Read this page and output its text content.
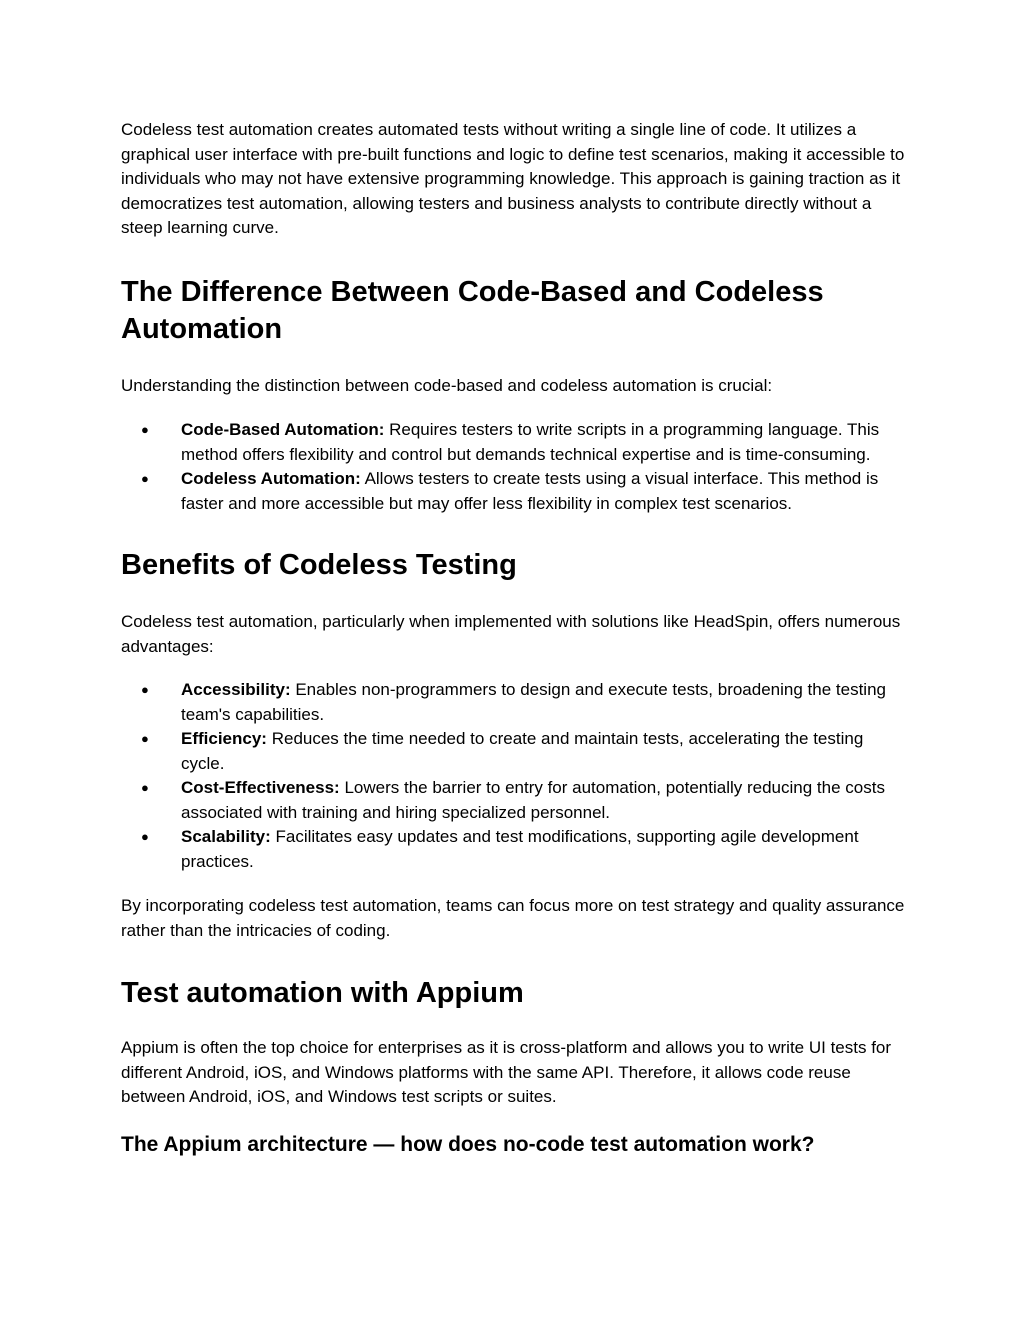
Codeless test automation creates automated tests without writing a single line of code. It utilizes a graphical user interface with pre-built functions and logic to define test scenarios, making it accessible to individuals who may not have extensive programming knowledge. This approach is gaining traction as it democratizes test automation, allowing testers and business analysts to contribute directly without a steep learning curve.

The Difference Between Code-Based and Codeless Automation

Understanding the distinction between code-based and codeless automation is crucial:

● Code-Based Automation: Requires testers to write scripts in a programming language. This method offers flexibility and control but demands technical expertise and is time-consuming.
● Codeless Automation: Allows testers to create tests using a visual interface. This method is faster and more accessible but may offer less flexibility in complex test scenarios.
Benefits of Codeless Testing

Codeless test automation, particularly when implemented with solutions like HeadSpin, offers numerous advantages:

● Accessibility: Enables non-programmers to design and execute tests, broadening the testing team's capabilities.
● Efficiency: Reduces the time needed to create and maintain tests, accelerating the testing cycle.
● Cost-Effectiveness: Lowers the barrier to entry for automation, potentially reducing the costs associated with training and hiring specialized personnel.
● Scalability: Facilitates easy updates and test modifications, supporting agile development practices.

By incorporating codeless test automation, teams can focus more on test strategy and quality assurance rather than the intricacies of coding.

Test automation with Appium

Appium is often the top choice for enterprises as it is cross-platform and allows you to write UI tests for different Android, iOS, and Windows platforms with the same API. Therefore, it allows code reuse between Android, iOS, and Windows test scripts or suites.

The Appium architecture — how does no-code test automation work?
